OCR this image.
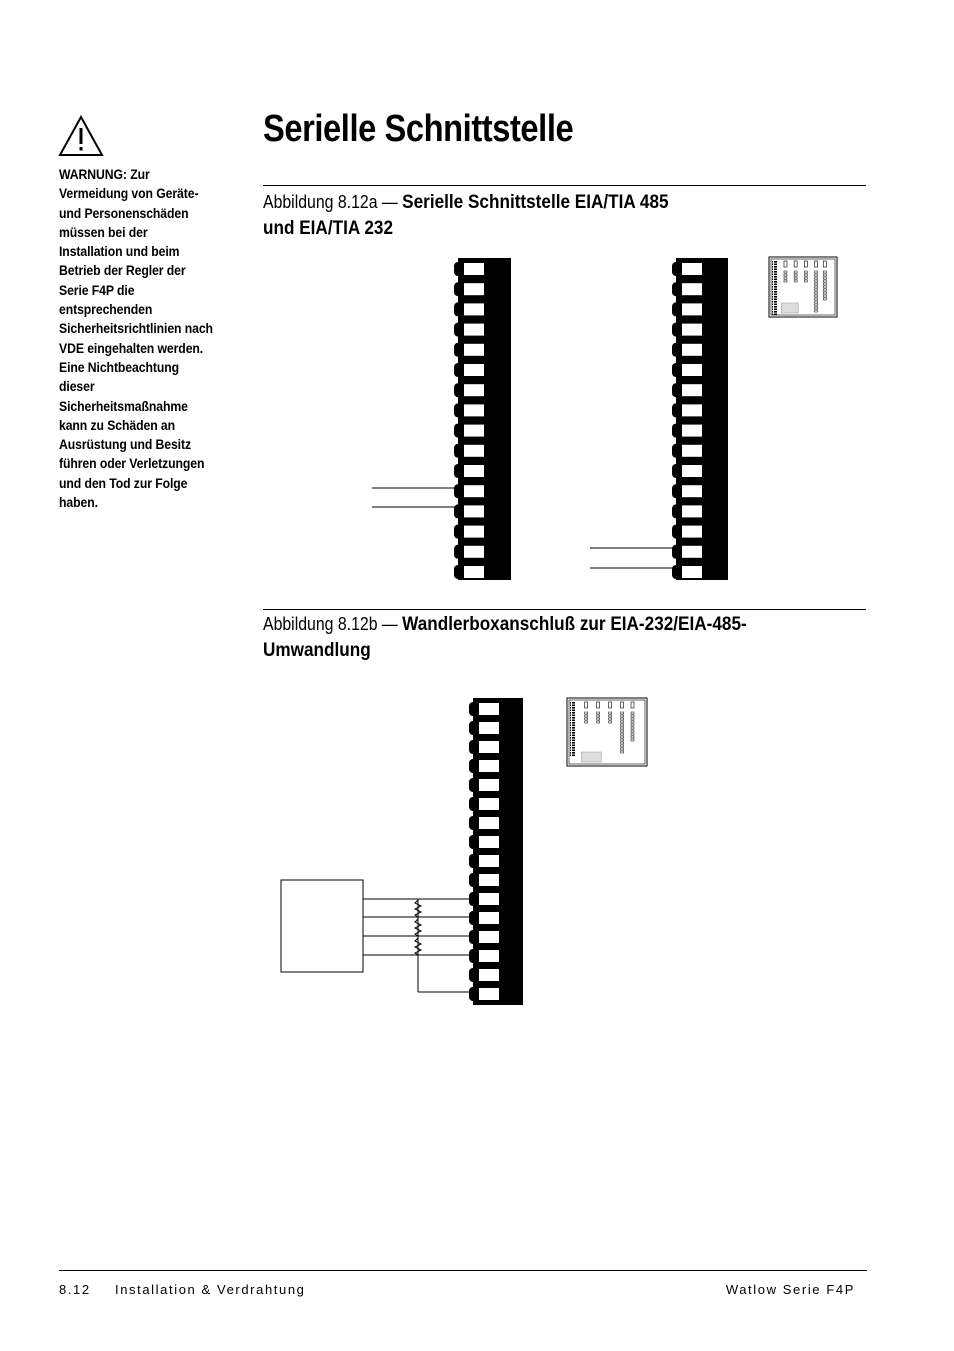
WARNUNG: Zur Vermeidung von Geräte- und Personenschäden müssen bei der Installation und beim Betrieb der Regler der Serie F4P die entsprechenden Sicherheitsrichtlinien nach VDE eingehalten werden. Eine Nichtbeachtung dieser Sicherheitsmaßnahme kann zu Schäden an Ausrüstung und Besitz führen oder Verletzungen und den Tod zur Folge haben.
Serielle Schnittstelle
Abbildung 8.12a — Serielle Schnittstelle EIA/TIA 485
und EIA/TIA 232
Abbildung 8.12b — Wandlerboxanschluß zur EIA-232/EIA-485-
Umwandlung
8.12 Installation & Verdrahtung	Watlow Serie F4P
